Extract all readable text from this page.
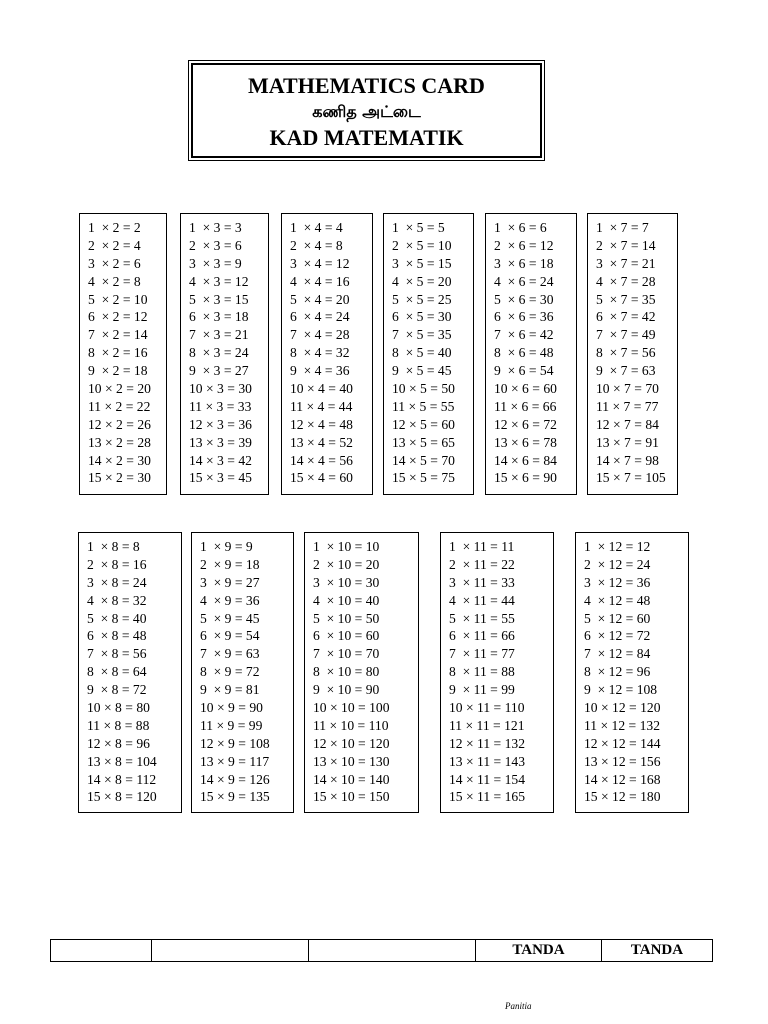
MATHEMATICS CARD
கணித அட்டை
KAD MATEMATIK
1  × 2 = 2
2  × 2 = 4
3  × 2 = 6
4  × 2 = 8
5  × 2 = 10
6  × 2 = 12
7  × 2 = 14
8  × 2 = 16
9  × 2 = 18
10 × 2 = 20
11 × 2 = 22
12 × 2 = 26
13 × 2 = 28
14 × 2 = 30
15 × 2 = 30
1  × 3 = 3
2  × 3 = 6
3  × 3 = 9
4  × 3 = 12
5  × 3 = 15
6  × 3 = 18
7  × 3 = 21
8  × 3 = 24
9  × 3 = 27
10 × 3 = 30
11 × 3 = 33
12 × 3 = 36
13 × 3 = 39
14 × 3 = 42
15 × 3 = 45
1  × 4 = 4
2  × 4 = 8
3  × 4 = 12
4  × 4 = 16
5  × 4 = 20
6  × 4 = 24
7  × 4 = 28
8  × 4 = 32
9  × 4 = 36
10 × 4 = 40
11 × 4 = 44
12 × 4 = 48
13 × 4 = 52
14 × 4 = 56
15 × 4 = 60
1  × 5 = 5
2  × 5 = 10
3  × 5 = 15
4  × 5 = 20
5  × 5 = 25
6  × 5 = 30
7  × 5 = 35
8  × 5 = 40
9  × 5 = 45
10 × 5 = 50
11 × 5 = 55
12 × 5 = 60
13 × 5 = 65
14 × 5 = 70
15 × 5 = 75
1  × 6 = 6
2  × 6 = 12
3  × 6 = 18
4  × 6 = 24
5  × 6 = 30
6  × 6 = 36
7  × 6 = 42
8  × 6 = 48
9  × 6 = 54
10 × 6 = 60
11 × 6 = 66
12 × 6 = 72
13 × 6 = 78
14 × 6 = 84
15 × 6 = 90
1  × 7 = 7
2  × 7 = 14
3  × 7 = 21
4  × 7 = 28
5  × 7 = 35
6  × 7 = 42
7  × 7 = 49
8  × 7 = 56
9  × 7 = 63
10 × 7 = 70
11 × 7 = 77
12 × 7 = 84
13 × 7 = 91
14 × 7 = 98
15 × 7 = 105
1  × 8 = 8
2  × 8 = 16
3  × 8 = 24
4  × 8 = 32
5  × 8 = 40
6  × 8 = 48
7  × 8 = 56
8  × 8 = 64
9  × 8 = 72
10 × 8 = 80
11 × 8 = 88
12 × 8 = 96
13 × 8 = 104
14 × 8 = 112
15 × 8 = 120
1  × 9 = 9
2  × 9 = 18
3  × 9 = 27
4  × 9 = 36
5  × 9 = 45
6  × 9 = 54
7  × 9 = 63
8  × 9 = 72
9  × 9 = 81
10 × 9 = 90
11 × 9 = 99
12 × 9 = 108
13 × 9 = 117
14 × 9 = 126
15 × 9 = 135
1  × 10 = 10
2  × 10 = 20
3  × 10 = 30
4  × 10 = 40
5  × 10 = 50
6  × 10 = 60
7  × 10 = 70
8  × 10 = 80
9  × 10 = 90
10 × 10 = 100
11 × 10 = 110
12 × 10 = 120
13 × 10 = 130
14 × 10 = 140
15 × 10 = 150
1  × 11 = 11
2  × 11 = 22
3  × 11 = 33
4  × 11 = 44
5  × 11 = 55
6  × 11 = 66
7  × 11 = 77
8  × 11 = 88
9  × 11 = 99
10 × 11 = 110
11 × 11 = 121
12 × 11 = 132
13 × 11 = 143
14 × 11 = 154
15 × 11 = 165
1  × 12 = 12
2  × 12 = 24
3  × 12 = 36
4  × 12 = 48
5  × 12 = 60
6  × 12 = 72
7  × 12 = 84
8  × 12 = 96
9  × 12 = 108
10 × 12 = 120
11 × 12 = 132
12 × 12 = 144
13 × 12 = 156
14 × 12 = 168
15 × 12 = 180
TANDA	TANDA
Panitia
